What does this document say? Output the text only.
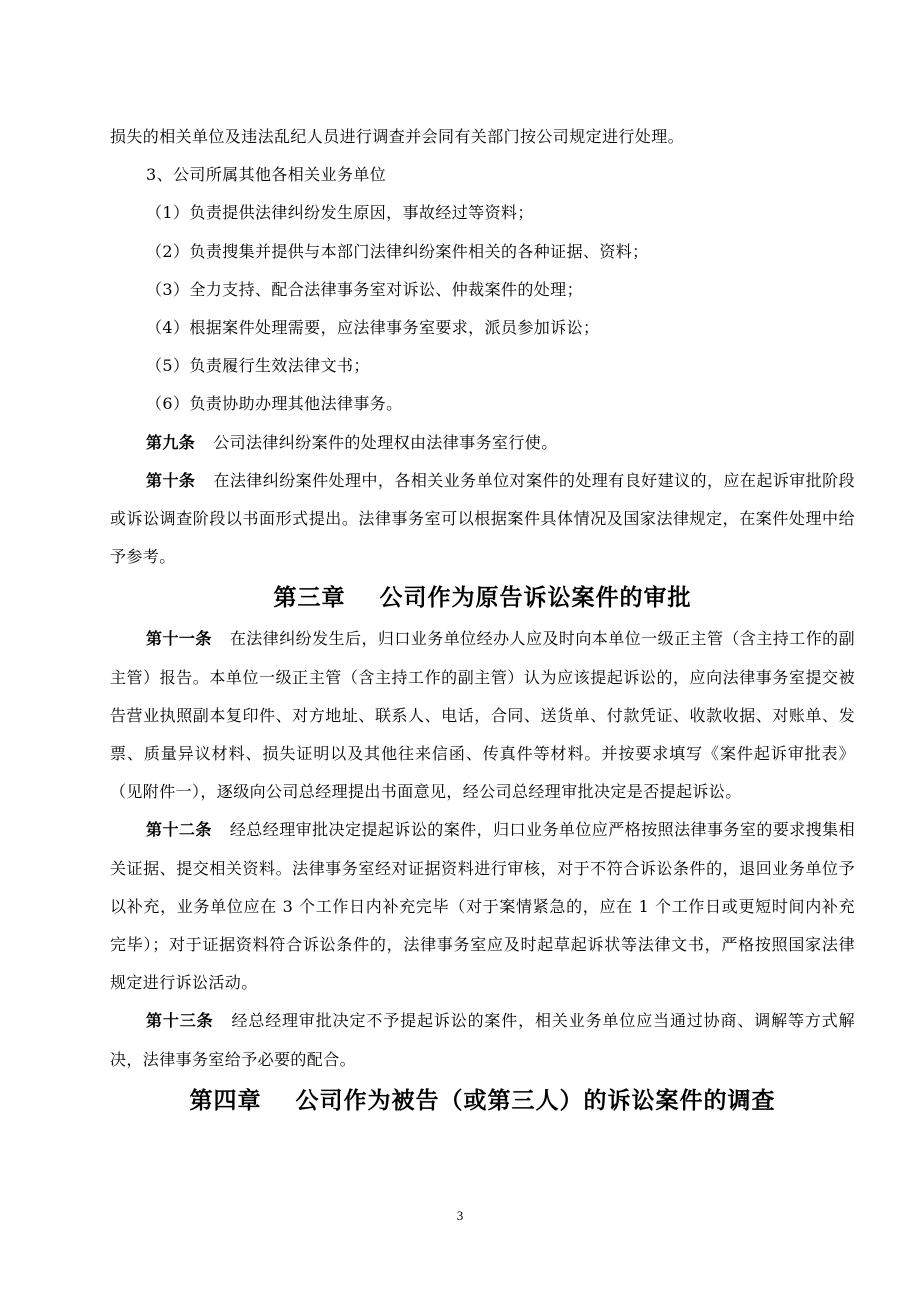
损失的相关单位及违法乱纪人员进行调查并会同有关部门按公司规定进行处理。

3、公司所属其他各相关业务单位

（1）负责提供法律纠纷发生原因，事故经过等资料；

（2）负责搜集并提供与本部门法律纠纷案件相关的各种证据、资料；

（3）全力支持、配合法律事务室对诉讼、仲裁案件的处理；

（4）根据案件处理需要，应法律事务室要求，派员参加诉讼；

（5）负责履行生效法律文书；

（6）负责协助办理其他法律事务。

第九条 公司法律纠纷案件的处理权由法律事务室行使。

第十条 在法律纠纷案件处理中，各相关业务单位对案件的处理有良好建议的，应在起诉审批阶段或诉讼调查阶段以书面形式提出。法律事务室可以根据案件具体情况及国家法律规定，在案件处理中给予参考。

第三章 公司作为原告诉讼案件的审批

第十一条 在法律纠纷发生后，归口业务单位经办人应及时向本单位一级正主管（含主持工作的副主管）报告。本单位一级正主管（含主持工作的副主管）认为应该提起诉讼的，应向法律事务室提交被告营业执照副本复印件、对方地址、联系人、电话，合同、送货单、付款凭证、收款收据、对账单、发票、质量异议材料、损失证明以及其他往来信函、传真件等材料。并按要求填写《案件起诉审批表》（见附件一），逐级向公司总经理提出书面意见，经公司总经理审批决定是否提起诉讼。

第十二条 经总经理审批决定提起诉讼的案件，归口业务单位应严格按照法律事务室的要求搜集相关证据、提交相关资料。法律事务室经对证据资料进行审核，对于不符合诉讼条件的，退回业务单位予以补充，业务单位应在 3 个工作日内补充完毕（对于案情紧急的，应在 1 个工作日或更短时间内补充完毕）；对于证据资料符合诉讼条件的，法律事务室应及时起草起诉状等法律文书，严格按照国家法律规定进行诉讼活动。

第十三条 经总经理审批决定不予提起诉讼的案件，相关业务单位应当通过协商、调解等方式解决，法律事务室给予必要的配合。

第四章 公司作为被告（或第三人）的诉讼案件的调查
3
